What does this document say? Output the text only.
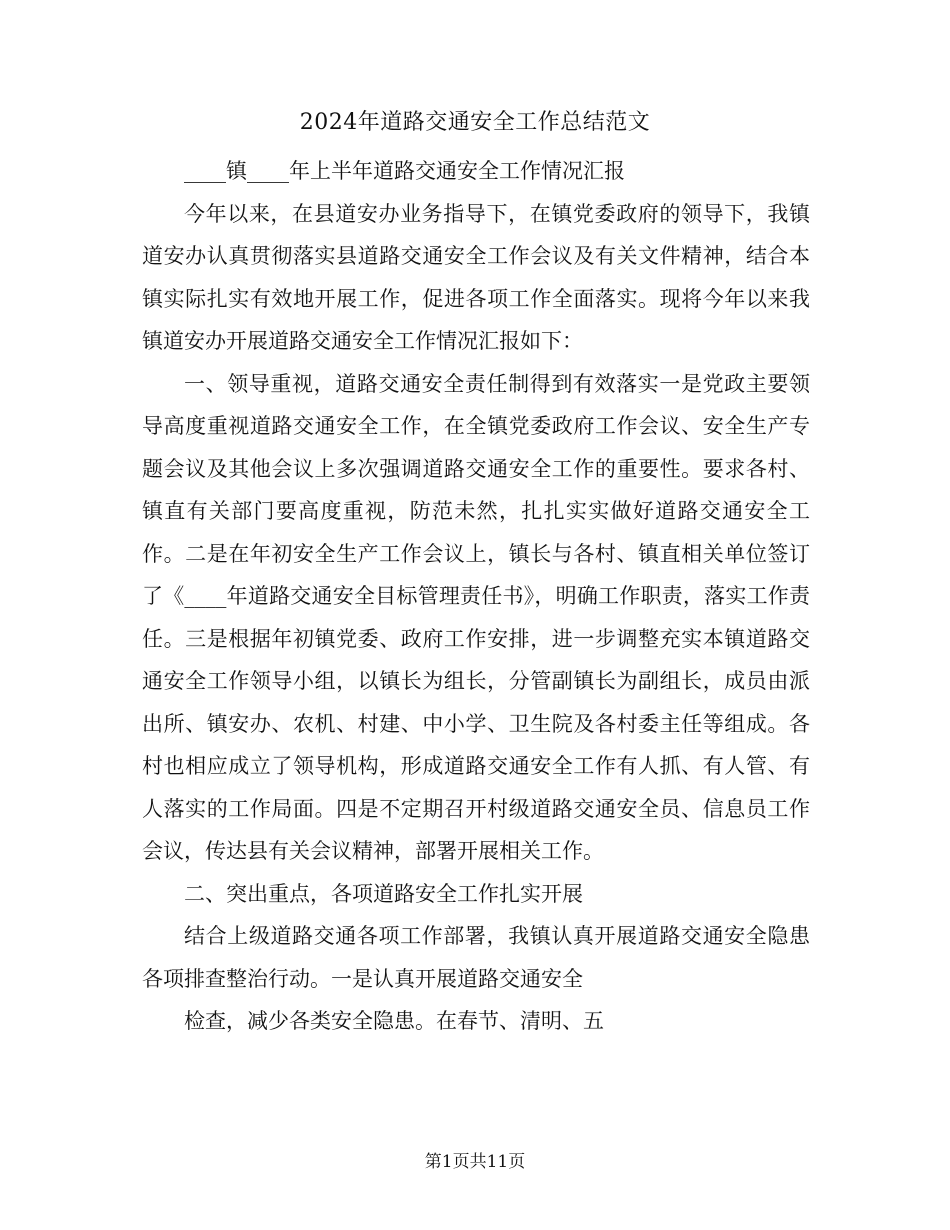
2024年道路交通安全工作总结范文

____镇____年上半年道路交通安全工作情况汇报

今年以来，在县道安办业务指导下，在镇党委政府的领导下，我镇道安办认真贯彻落实县道路交通安全工作会议及有关文件精神，结合本镇实际扎实有效地开展工作，促进各项工作全面落实。现将今年以来我镇道安办开展道路交通安全工作情况汇报如下：

一、领导重视，道路交通安全责任制得到有效落实一是党政主要领导高度重视道路交通安全工作，在全镇党委政府工作会议、安全生产专题会议及其他会议上多次强调道路交通安全工作的重要性。要求各村、镇直有关部门要高度重视，防范未然，扎扎实实做好道路交通安全工作。二是在年初安全生产工作会议上，镇长与各村、镇直相关单位签订了《____年道路交通安全目标管理责任书》，明确工作职责，落实工作责任。三是根据年初镇党委、政府工作安排，进一步调整充实本镇道路交通安全工作领导小组，以镇长为组长，分管副镇长为副组长，成员由派出所、镇安办、农机、村建、中小学、卫生院及各村委主任等组成。各村也相应成立了领导机构，形成道路交通安全工作有人抓、有人管、有人落实的工作局面。四是不定期召开村级道路交通安全员、信息员工作会议，传达县有关会议精神，部署开展相关工作。

二、突出重点，各项道路安全工作扎实开展

结合上级道路交通各项工作部署，我镇认真开展道路交通安全隐患各项排查整治行动。一是认真开展道路交通安全

检查，减少各类安全隐患。在春节、清明、五

第1页共11页
